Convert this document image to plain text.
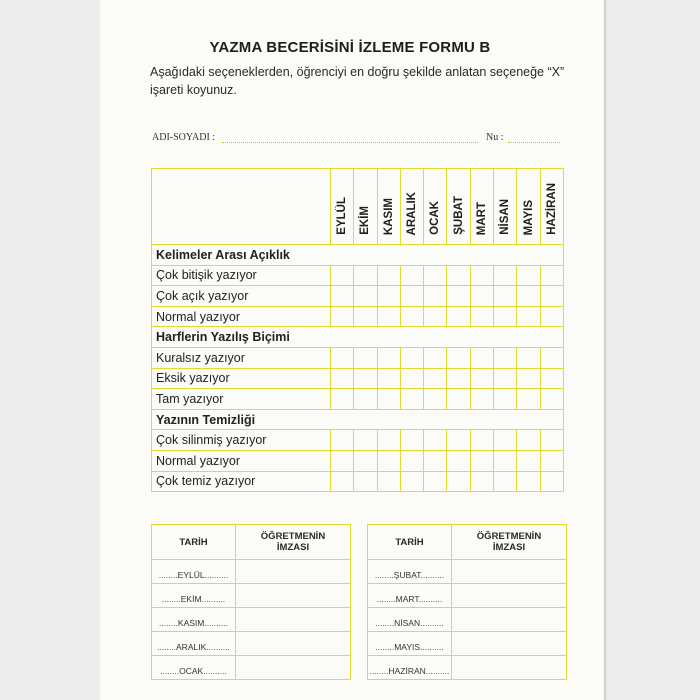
YAZMA BECERİSİNİ İZLEME FORMU B
Aşağıdaki seçeneklerden, öğrenciyi en doğru şekilde anlatan seçeneğe “X” işareti koyunuz.
ADI-SOYADI :	Nu :
	EYLÜL	EKİM	KASIM	ARALIK	OCAK	ŞUBAT	MART	NİSAN	MAYIS	HAZİRAN
Kelimeler Arası Açıklık										
Çok bitişik yazıyor										
Çok açık yazıyor										
Normal yazıyor										
Harflerin Yazılış Biçimi										
Kuralsız yazıyor										
Eksik yazıyor										
Tam yazıyor										
Yazının Temizliği										
Çok silinmiş yazıyor										
Normal yazıyor										
Çok temiz yazıyor										
TARİH	ÖĞRETMENİN
İMZASI

........EYLÜL..........	
........EKİM..........	
........KASIM..........	
........ARALIK..........	
........OCAK..........	
TARİH	ÖĞRETMENİN
İMZASI

........ŞUBAT..........	
........MART..........	
........NİSAN..........	
........MAYIS..........	
........HAZİRAN..........	
